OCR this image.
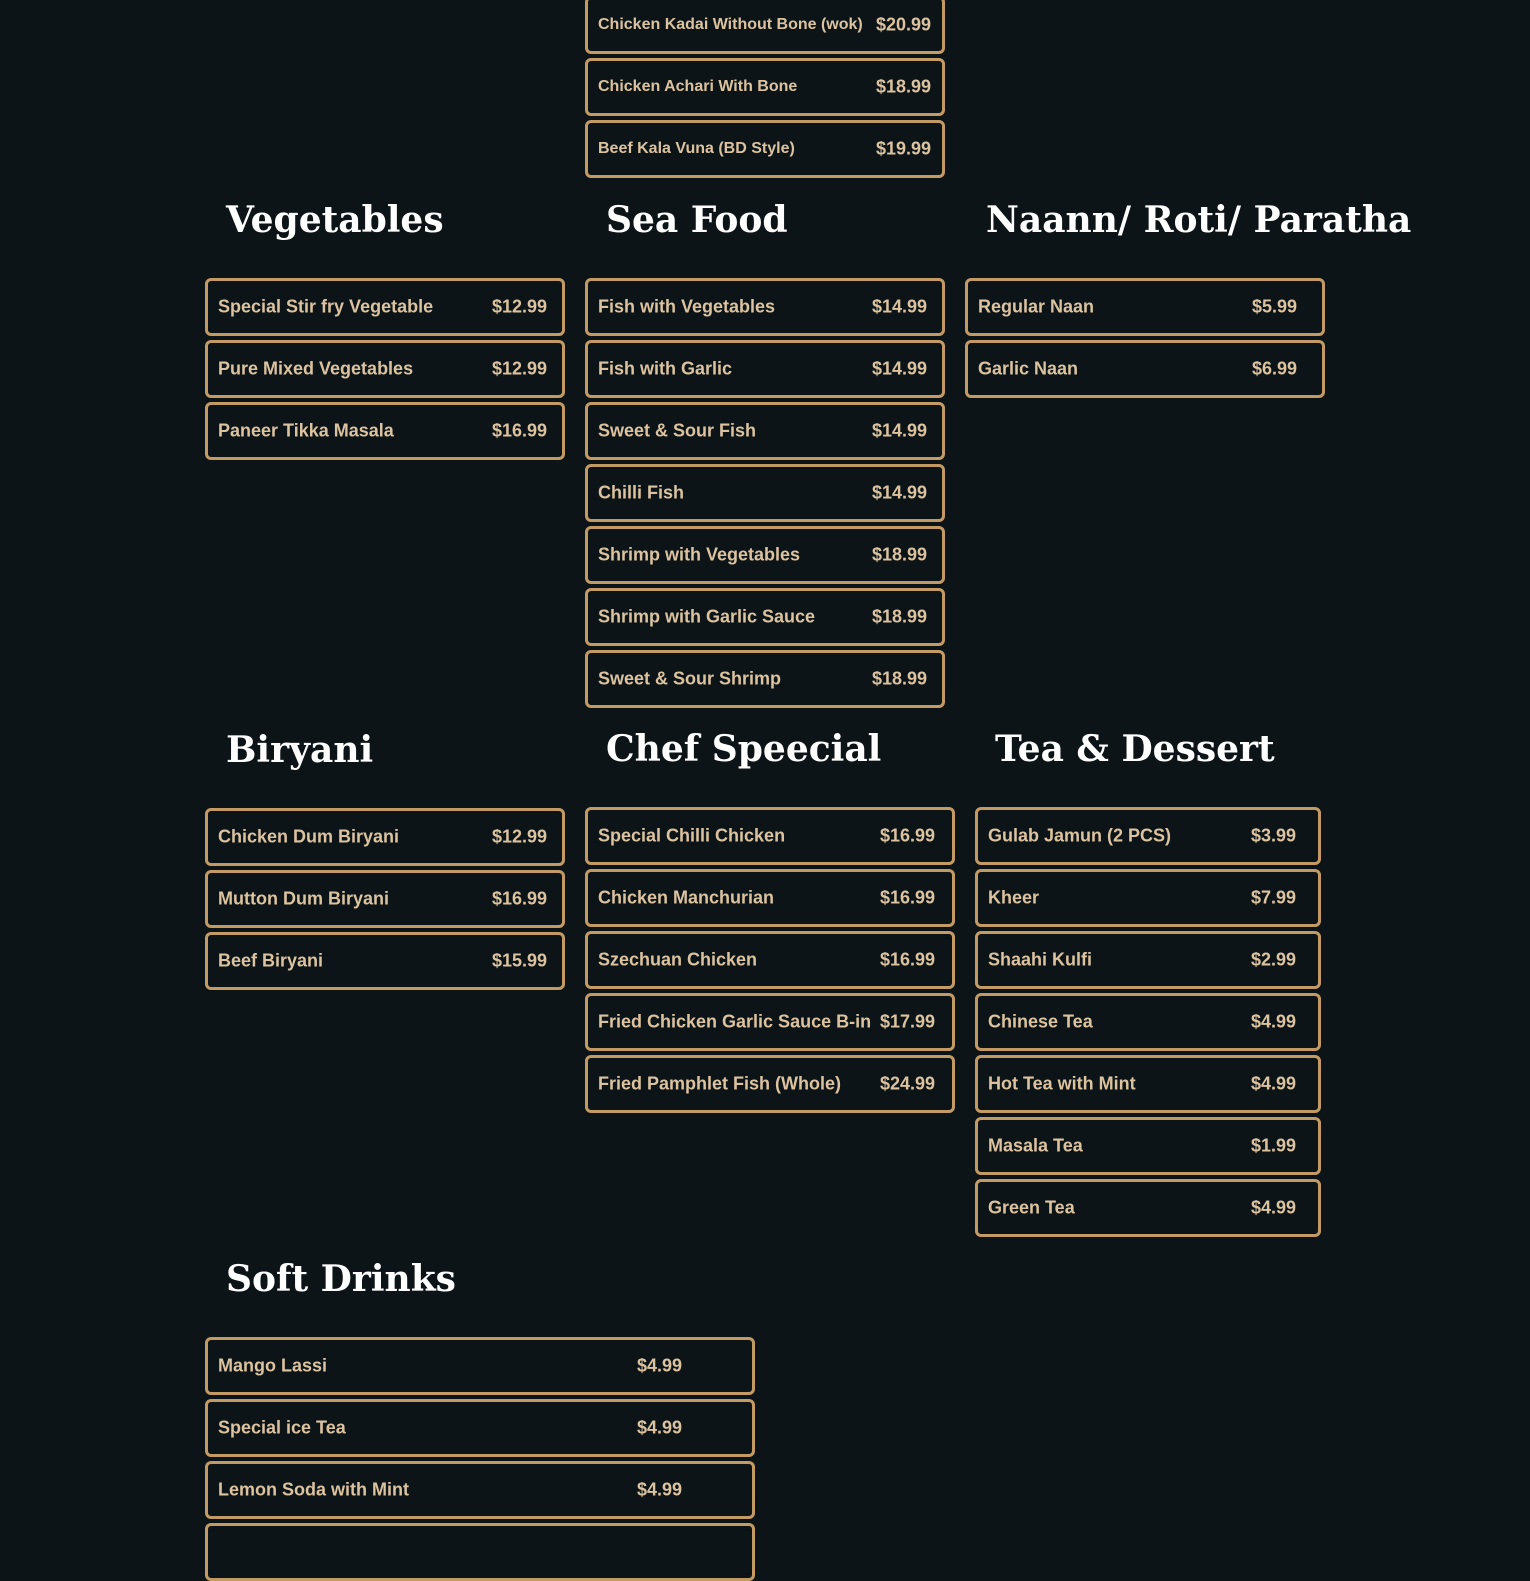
Chicken Kadai Without Bone (wok) $20.99
Chicken Achari With Bone	$18.99
Beef Kala Vuna (BD Style)	$19.99
Vegetables
Special Stir fry Vegetable	$12.99
Pure Mixed Vegetables	$12.99
Paneer Tikka Masala	$16.99
Sea Food
Fish with Vegetables	$14.99
Fish with Garlic	$14.99
Sweet & Sour Fish	$14.99
Chilli Fish	$14.99
Shrimp with Vegetables	$18.99
Shrimp with Garlic Sauce	$18.99
Sweet & Sour Shrimp	$18.99
Naann/ Roti/ Paratha
Regular Naan	$5.99
Garlic Naan	$6.99
Biryani
Chicken Dum Biryani	$12.99
Mutton Dum Biryani	$16.99
Beef Biryani	$15.99
Chef Speecial
Special Chilli Chicken	$16.99
Chicken Manchurian	$16.99
Szechuan Chicken	$16.99
Fried Chicken Garlic Sauce B-in $17.99
Fried Pamphlet Fish (Whole) $24.99
Tea & Dessert
Gulab Jamun (2 PCS)	$3.99
Kheer	$7.99
Shaahi Kulfi	$2.99
Chinese Tea	$4.99
Hot Tea with Mint	$4.99
Masala Tea	$1.99
Green Tea	$4.99
Soft Drinks
Mango Lassi	$4.99
Special ice Tea	$4.99
Lemon Soda with Mint	$4.99
